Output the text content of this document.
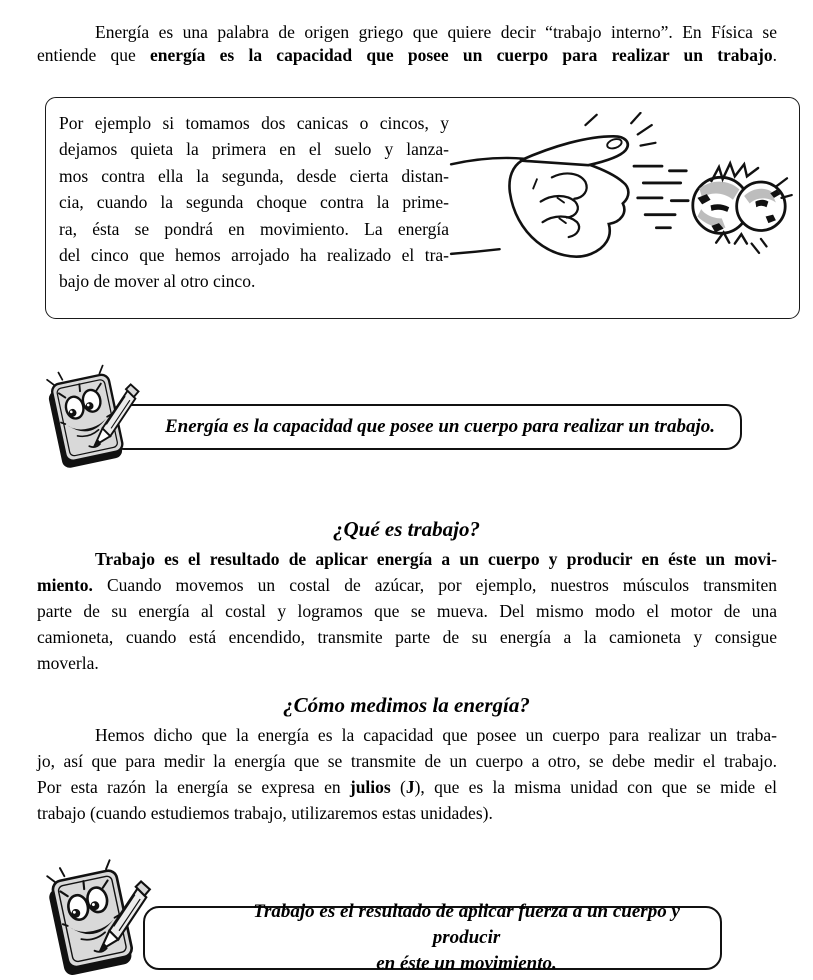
Energía es una palabra de origen griego que quiere decir “trabajo interno”. En Física se
entiende que energía es la capacidad que posee un cuerpo para realizar un trabajo.
Por ejemplo si tomamos dos canicas o cincos, y
dejamos quieta la primera en el suelo y lanza-
mos contra ella la segunda, desde cierta distan-
cia, cuando la segunda choque contra la prime-
ra, ésta se pondrá en movimiento. La energía
del cinco que hemos arrojado ha realizado el tra-
bajo de mover al otro cinco.
Energía es la capacidad que posee un cuerpo para realizar un trabajo.
¿Qué es trabajo?
Trabajo es el resultado de aplicar energía a un cuerpo y producir en éste un movi-
miento. Cuando movemos un costal de azúcar, por ejemplo, nuestros músculos transmiten
parte de su energía al costal y logramos que se mueva. Del mismo modo el motor de una
camioneta, cuando está encendido, transmite parte de su energía a la camioneta y consigue
moverla.
¿Cómo medimos la energía?
Hemos dicho que la energía es la capacidad que posee un cuerpo para realizar un traba-
jo, así que para medir la energía que se transmite de un cuerpo a otro, se debe medir el trabajo.
Por esta razón la energía se expresa en julios (J), que es la misma unidad con que se mide el
trabajo (cuando estudiemos trabajo, utilizaremos estas unidades).
Trabajo es el resultado de aplicar fuerza a un cuerpo y producir
en éste un movimiento.
